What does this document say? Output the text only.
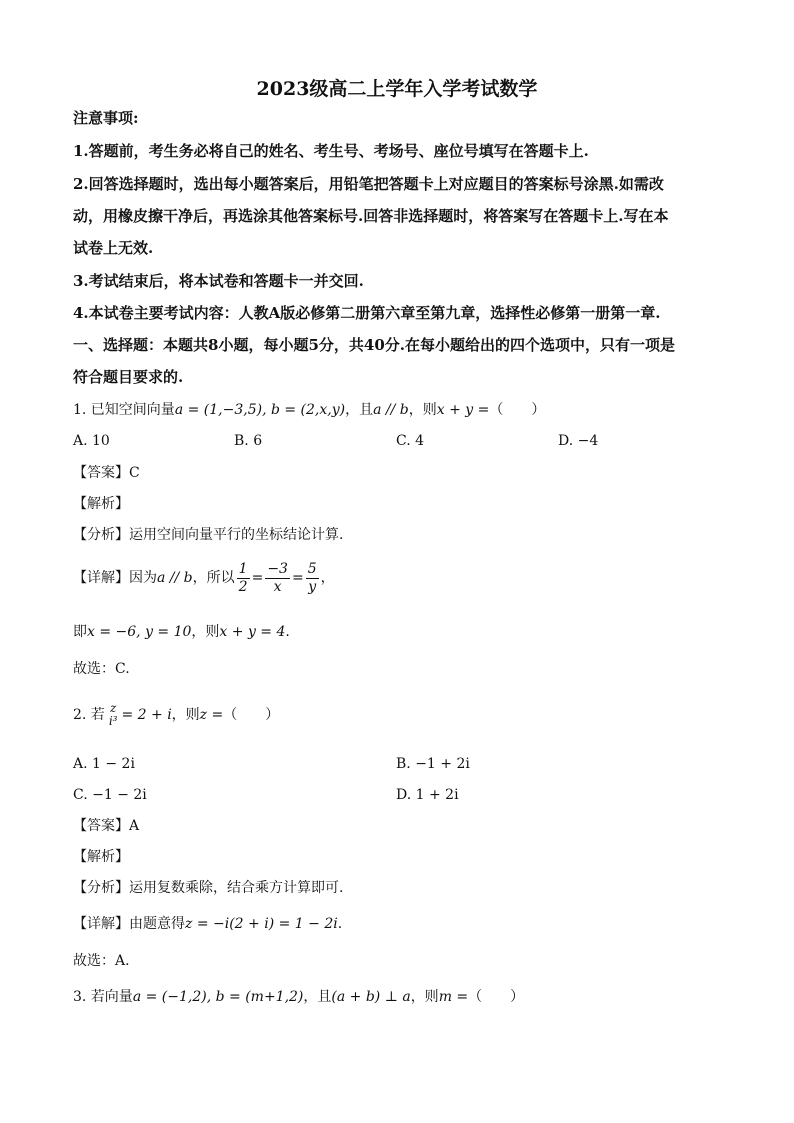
2023级高二上学年入学考试数学
注意事项:
1.答题前，考生务必将自己的姓名、考生号、考场号、座位号填写在答题卡上.
2.回答选择题时，选出每小题答案后，用铅笔把答题卡上对应题目的答案标号涂黑.如需改
动，用橡皮擦干净后，再选涂其他答案标号.回答非选择题时，将答案写在答题卡上.写在本
试卷上无效.
3.考试结束后，将本试卷和答题卡一并交回.
4.本试卷主要考试内容：人教A版必修第二册第六章至第九章，选择性必修第一册第一章.
一、选择题：本题共8小题，每小题5分，共40分.在每小题给出的四个选项中，只有一项是
符合题目要求的.
1. 已知空间向量a = (1,−3,5), b = (2,x,y)，且a // b，则x + y =（　　）
A. 10	B. 6	C. 4	D. −4
【答案】C
【解析】
【分析】运用空间向量平行的坐标结论计算.
【详解】因为a // b，所以 $\frac{1}{2} = \frac{-3}{x} = \frac{5}{y}$ ，
即x = −6, y = 10，则x + y = 4.
故选：C.
2. 若 z
i³ = 2 + i，则z =（　　）
A. 1 − 2i	B. −1 + 2i
C. −1 − 2i	D. 1 + 2i
【答案】A
【解析】
【分析】运用复数乘除，结合乘方计算即可.
【详解】由题意得z = −i(2 + i) = 1 − 2i.
故选：A.
3. 若向量a = (−1,2), b = (m+1,2)，且(a + b) ⊥ a，则m =（　　）
